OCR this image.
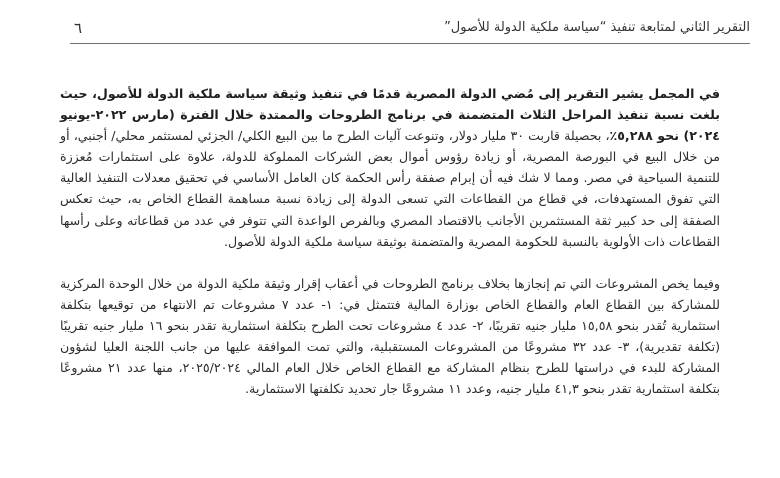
التقرير الثاني لمتابعة تنفيذ “سياسة ملكية الدولة للأصول”
٦

في المجمل يشير التقرير إلى مُضي الدولة المصرية قدمًا في تنفيذ وثيقة سياسة ملكية الدولة للأصول، حيث بلغت نسبة تنفيذ المراحل الثلاث المتضمنة في برنامج الطروحات والممتدة خلال الفترة (مارس ٢٠٢٢-يونيو ٢٠٢٤) نحو ٥,٢٨٨٪، بحصيلة قاربت ٣٠ مليار دولار، وتنوعت آليات الطرح ما بين البيع الكلي/ الجزئي لمستثمر محلي/ أجنبي، أو من خلال البيع في البورصة المصرية، أو زيادة رؤوس أموال بعض الشركات المملوكة للدولة، علاوة على استثمارات مُعززة للتنمية السياحية في مصر. ومما لا شك فيه أن إبرام صفقة رأس الحكمة كان العامل الأساسي في تحقيق معدلات التنفيذ العالية التي تفوق المستهدفات، في قطاع من القطاعات التي تسعى الدولة إلى زيادة نسبة مساهمة القطاع الخاص به، حيث تعكس الصفقة إلى حد كبير ثقة المستثمرين الأجانب بالاقتصاد المصري وبالفرص الواعدة التي تتوفر في عدد من قطاعاته وعلى رأسها القطاعات ذات الأولوية بالنسبة للحكومة المصرية والمتضمنة بوثيقة سياسة ملكية الدولة للأصول.

وفيما يخص المشروعات التي تم إنجازها بخلاف برنامج الطروحات في أعقاب إقرار وثيقة ملكية الدولة من خلال الوحدة المركزية للمشاركة بين القطاع العام والقطاع الخاص بوزارة المالية فتتمثل في: ١- عدد ٧ مشروعات تم الانتهاء من توقيعها بتكلفة استثمارية تُقدر بنحو ١٥,٥٨ مليار جنيه تقريبًا، ٢- عدد ٤ مشروعات تحت الطرح بتكلفة استثمارية تقدر بنحو ١٦ مليار جنيه تقريبًا (تكلفة تقديرية)، ٣- عدد ٣٢ مشروعًا من المشروعات المستقبلية، والتي تمت الموافقة عليها من جانب اللجنة العليا لشؤون المشاركة للبدء في دراستها للطرح بنظام المشاركة مع القطاع الخاص خلال العام المالي ٢٠٢٥/٢٠٢٤، منها عدد ٢١ مشروعًا بتكلفة استثمارية تقدر بنحو ٤١,٣ مليار جنيه، وعدد ١١ مشروعًا جار تحديد تكلفتها الاستثمارية.
